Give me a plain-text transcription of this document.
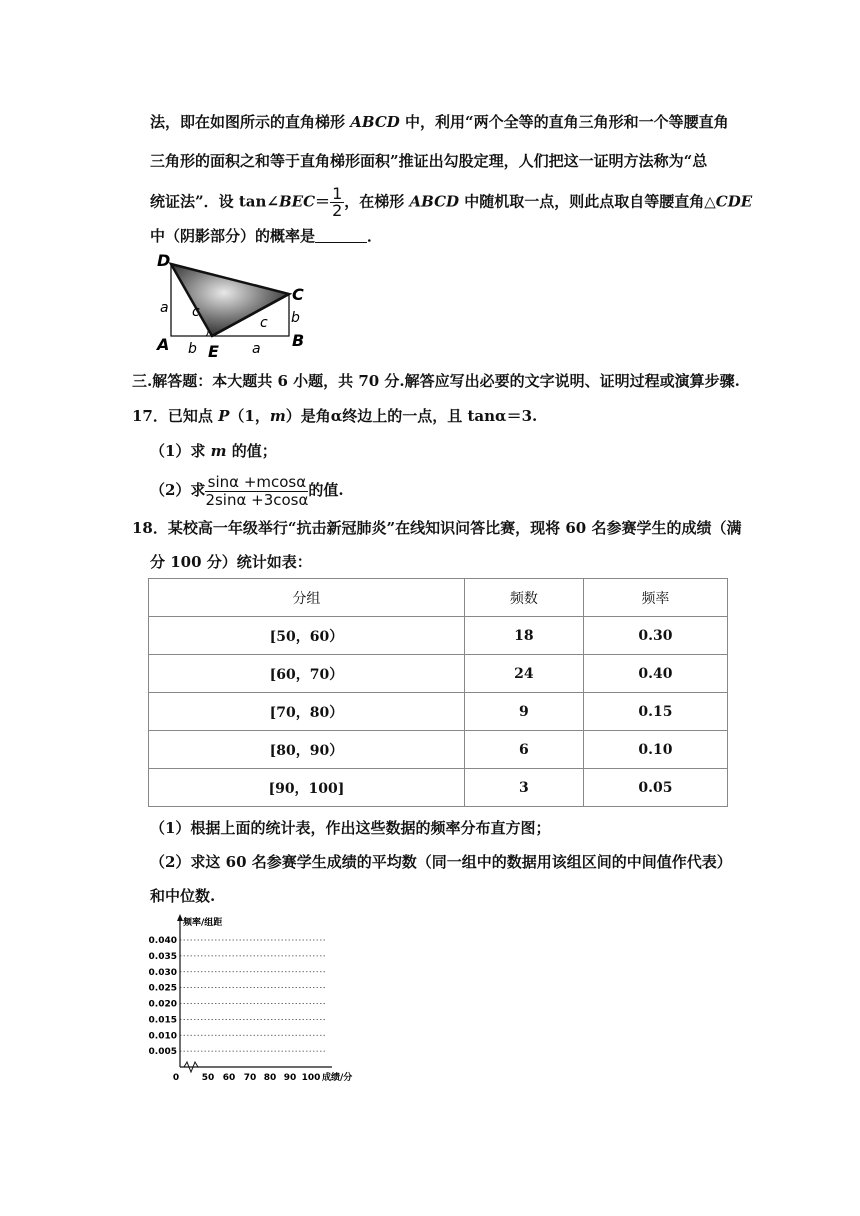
法，即在如图所示的直角梯形 ABCD 中，利用“两个全等的直角三角形和一个等腰直角
三角形的面积之和等于直角梯形面积”推证出勾股定理，人们把这一证明方法称为“总
统证法”．设 tan∠BEC＝ $\frac{1}{2}$ ，在梯形 ABCD 中随机取一点，则此点取自等腰直角△CDE
中（阴影部分）的概率是	．
D
C
A	B
E
a c
c b
b	a
三.解答题：本大题共 6 小题，共 70 分.解答应写出必要的文字说明、证明过程或演算步骤.
17．已知点 P（1，m）是角α终边上的一点，且 tanα＝3.
（1）求 m 的值；
（2）求 $\frac{\sin\alpha +mcos\alpha}{2\sin\alpha +3\cos\alpha}$ 的值.
18．某校高一年级举行“抗击新冠肺炎”在线知识问答比赛，现将 60 名参赛学生的成绩（满
分 100 分）统计如表：
分组	频数	频率
[50，60）	18	0.30
[60，70）	24	0.40
[70，80）	9	0.15
[80，90）	6	0.10
[90，100]	3	0.05
（1）根据上面的统计表，作出这些数据的频率分布直方图；
（2）求这 60 名参赛学生成绩的平均数（同一组中的数据用该组区间的中间值作代表）
和中位数.
0.040
0.035
0.030
0.025
0.020
0.015
0.010
0.005
0	50 60 70 80 90 100
频率/组距
成绩/分
